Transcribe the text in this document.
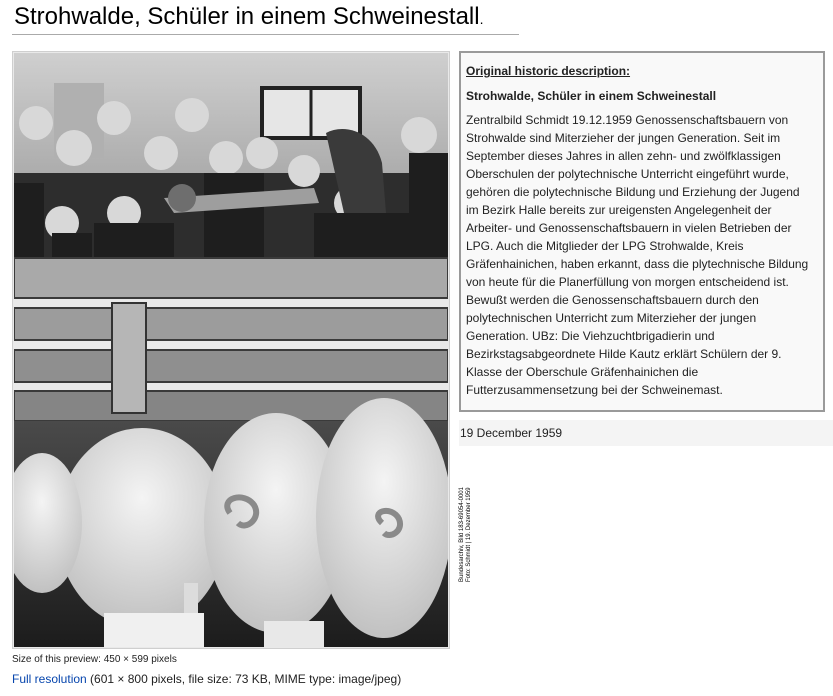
Strohwalde, Schüler in einem Schweinestall.
Bundesarchiv, Bild 183-69054-0001 Foto: Schmidt | 19. Dezember 1959
Original historic description:
Strohwalde, Schüler in einem Schweinestall
Zentralbild Schmidt 19.12.1959 Genossenschaftsbauern von Strohwalde sind Miterzieher der jungen Generation. Seit im September dieses Jahres in allen zehn- und zwölfklassigen Oberschulen der polytechnische Unterricht eingeführt wurde, gehören die polytechnische Bildung und Erziehung der Jugend im Bezirk Halle bereits zur ureigensten Angelegenheit der Arbeiter- und Genossenschaftsbauern in vielen Betrieben der LPG. Auch die Mitglieder der LPG Strohwalde, Kreis Gräfenhainichen, haben erkannt, dass die plytechnische Bildung von heute für die Planerfüllung von morgen entscheidend ist. Bewußt werden die Genossenschaftsbauern durch den polytechnischen Unterricht zum Miterzieher der jungen Generation. UBz: Die Viehzuchtbrigadierin und Bezirkstagsabgeordnete Hilde Kautz erklärt Schülern der 9. Klasse der Oberschule Gräfenhainichen die Futterzusammensetzung bei der Schweinemast.
19 December 1959
Size of this preview: 450 × 599 pixels
Full resolution (601 × 800 pixels, file size: 73 KB, MIME type: image/jpeg)
